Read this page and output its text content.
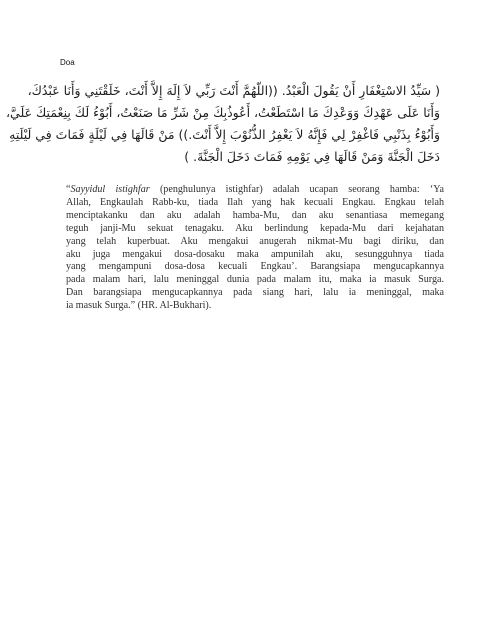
Doa
( سَيِّدُ الاسْتِغْفَارِ أَنْ يَقُولَ الْعَبْدُ. ((اللّهُمَّ أَنْتَ رَبِّي لاَ إِلَهَ إِلاَّ أَنْتَ، خَلَقْتَنِي وَأَنَا عَبْدُكَ،
وَأَنَا عَلَى عَهْدِكَ وَوَعْدِكَ مَا اسْتَطَعْتُ، أَعُوذُبِكَ مِنْ شَرِّ مَا صَنَعْتُ، أَبُوْءُ لَكَ بِنِعْمَتِكَ عَلَيَّ،
وَأَبُوْءُ بِذَنْبِي فَاغْفِرْ لِي فَإِنَّهُ لاَ يَغْفِرُ الذُّنُوْبَ إِلاَّ أَنْتَ.)) مَنْ قَالَهَا فِي لَيْلَةٍ فَمَاتَ فِي لَيْلَتِهِ
دَخَلَ الْجَنَّةَ وَمَنْ قَالَهَا فِي يَوْمِهِ فَمَاتَ دَخَلَ الْجَنَّةَ. )
“Sayyidul istighfar (penghulunya istighfar) adalah ucapan seorang hamba: ‘Ya
Allah, Engkaulah Rabb-ku, tiada Ilah yang hak kecuali Engkau. Engkau telah
menciptakanku dan aku adalah hamba-Mu, dan aku senantiasa memegang
teguh janji-Mu sekuat tenagaku. Aku berlindung kepada-Mu dari kejahatan
yang telah kuperbuat. Aku mengakui anugerah nikmat-Mu bagi diriku, dan
aku juga mengakui dosa-dosaku maka ampunilah aku, sesungguhnya tiada
yang mengampuni dosa-dosa kecuali Engkau’. Barangsiapa mengucapkannya
pada malam hari, lalu meninggal dunia pada malam itu, maka ia masuk Surga.
Dan barangsiapa mengucapkannya pada siang hari, lalu ia meninggal, maka
ia masuk Surga.” (HR. Al-Bukhari).
